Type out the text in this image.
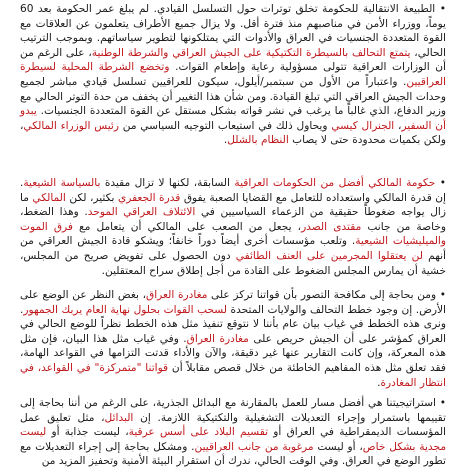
• الطبيعة الانتقالية للحكومة تخلق توترات حول التسلسل القيادي. لم يبلغ عمر الحكومة بعد 60 يوماً، ووزراء الأمن في مناصبهم منذ فترة أقل. ولا يزال جميع الأطراف يتعلمون عن العلاقات مع القوة المتعددة الجنسيات في العراق والأدوات التي يمتلكونها لتطوير سياساتهم. وبموجب الترتيب الحالي، يتمتع التحالف بالسيطرة التكتيكية على الجيش العراقي والشرطة الوطنية، على الرغم من أن الوزارات العراقية تتولى مسؤولية رعاية وإطعام القوات. وتخضع الشرطة المحلية لسيطرة العراقيين. واعتباراً من الأول من سبتمبر/أيلول، سيكون للعراقيين تسلسل قيادي مباشر لجميع وحدات الجيش العراقي التي تبلغ القيادة. ومن شأن هذا التغيير أن يخفف من حدة التوتر الحالي مع وزير الدفاع، الذي غالباً ما يرغب في نشر قواته بشكل مستقل عن القوة المتعددة الجنسيات. يبدو أن السفير، الجنرال كيسي ويحاول ذلك في استيعاب التوجيه السياسي من رئيس الوزراء المالكي، ولكن بكميات محدودة حتى لا يصاب النظام بالشلل.

• حكومة المالكي أفضل من الحكومات العراقية السابقة، لكنها لا تزال مقيدة بالسياسة الشيعية. إن قدرة المالكي واستعداده للتعامل مع القضايا الصعبة يفوق قدرة الجعفري بكثير، لكن المالكي ما زال يواجه ضغوطاً حقيقية من الزعماء السياسيين في الائتلاف العراقي الموحد. وهذا الضغط، وخاصة من جانب مقتدى الصدر، يجعل من الصعب على المالكي أن يتعامل مع فرق الموت والميليشيات الشيعية. وتلعب مؤسسات أخرى أيضاً دوراً خانقاً؛ ويشكو قادة الجيش العراقي من أنهم لن يعتقلوا المجرمين على العنف الطائفي دون الحصول على تفويض صريح من المجلس، خشية أن يمارس المجلس الضغوط على القادة من أجل إطلاق سراح المعتقلين.

• ومن بحاجة إلى مكافحة التصور بأن قواتنا تركز على مغادرة العراق، بغض النظر عن الوضع على الأرض. إن وجود خطط التحالف والولايات المتحدة لسحب القوات بحلول نهاية العام يربك الجمهور. ونرى هذه الخطط في غياب بيان عام بأننا لا نتوقع تنفيذ مثل هذه الخطط نظراً للوضع الحالي في العراق كمؤشر على أن الجيش حريص على مغادرة العراق. وفي غياب مثل هذا البيان، فإن مثل هذه المعركة، وإن كانت التقارير عنها غير دقيقة، والآن والأداء قدتت التزامها في القواعد الهامة، فقد تعلق مثل هذه المفاهيم الخاطئة من خلال قصص مقابلاً أن قواتنا "متمركزة" في القواعد، في انتظار المغادرة.

• استراتيجيتنا هي أفضل مسار للعمل بالمقارنة مع البدائل الجذرية، على الرغم من أننا بحاجة إلى تقييمها باستمرار وإجراء التعديلات التشغيلية والتكتيكية اللازمة. إن البدائل، مثل تعليق عمل المؤسسات الديمقراطية في العراق أو تقسيم البلاد على أسس عرقية، ليست جذابة أو ليست مجدية بشكل خاص، أو ليست مرغوبة من جانب العراقيين. ومشكل بحاجة إلى إجراء التعديلات مع تطور الوضع في العراق. وفي الوقت الحالي، ندرك أن استقرار البيئة الأمنية وتحفيز المزيد من
